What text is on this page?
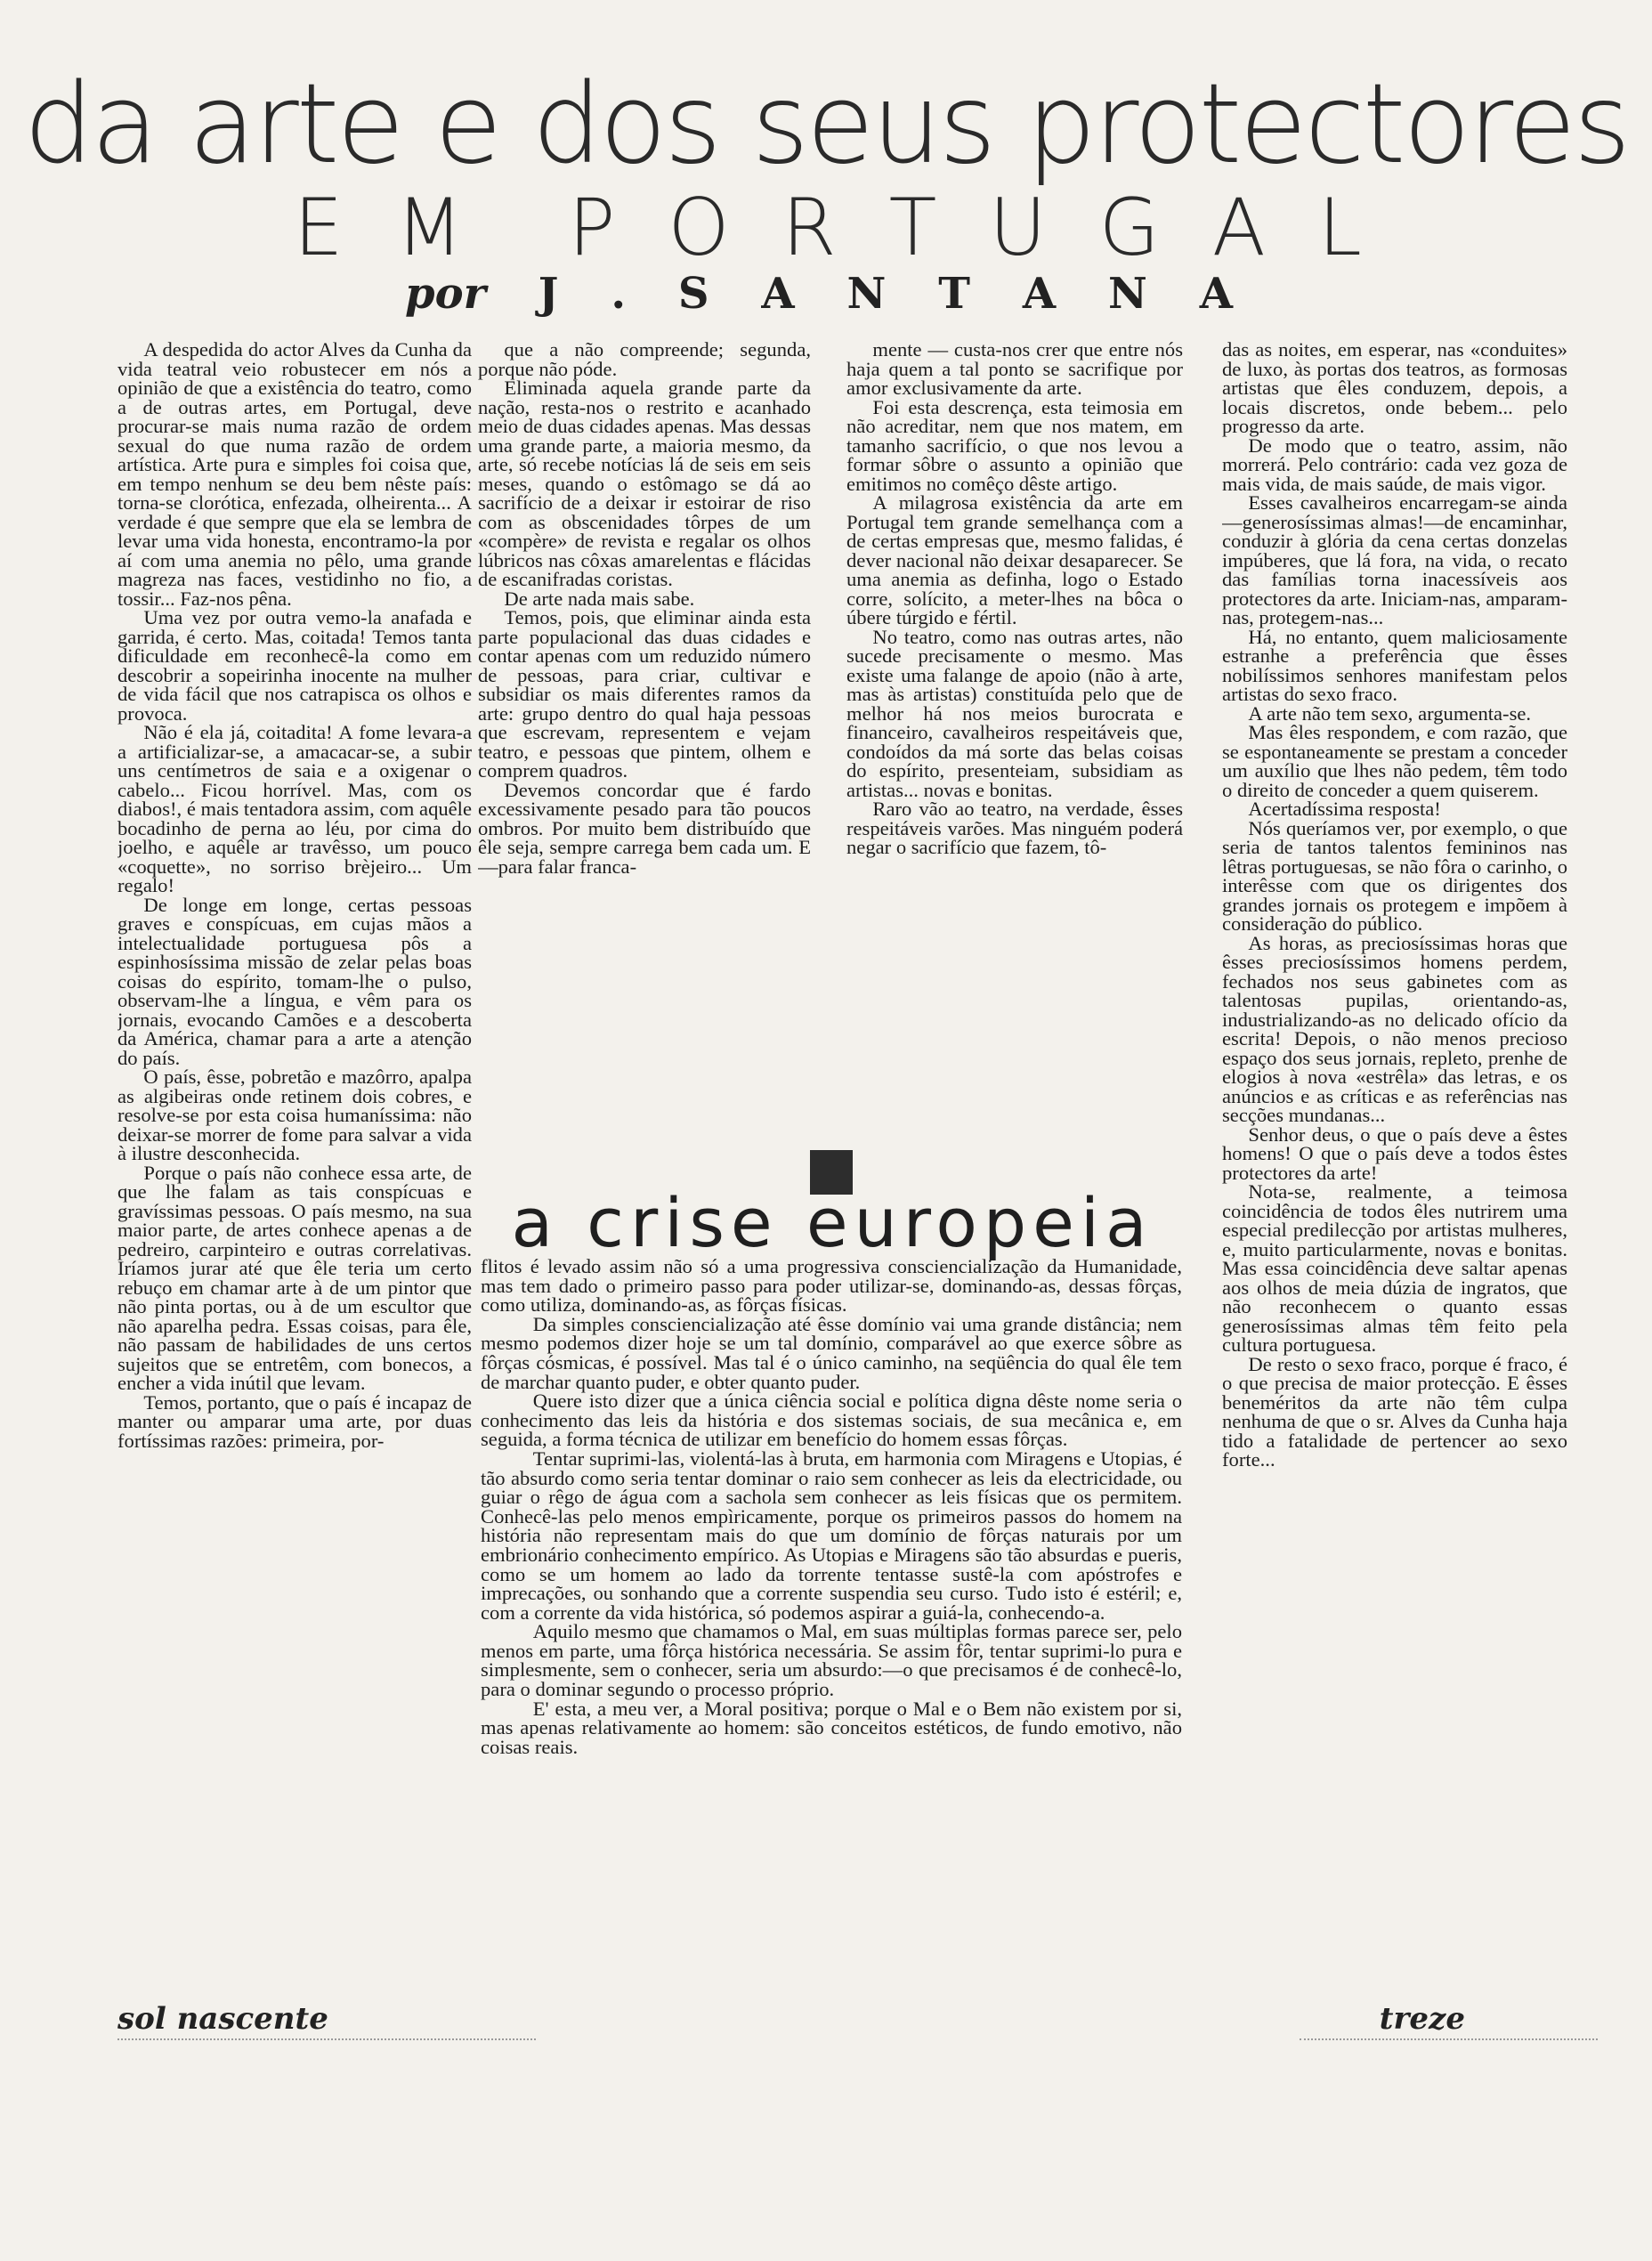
da arte e dos seus protectores
E M P O R T U G A L
por J . S A N T A N A

A despedida do actor Alves da Cunha da vida teatral veio robustecer em nós a opinião de que a existência do teatro, como a de outras artes, em Portugal, deve procurar-se mais numa razão de ordem sexual do que numa razão de ordem artística. Arte pura e simples foi coisa que, em tempo nenhum se deu bem nêste país: torna-se clorótica, enfezada, olheirenta... A verdade é que sempre que ela se lembra de levar uma vida honesta, encontramo-la por aí com uma anemia no pêlo, uma grande magreza nas faces, vestidinho no fio, a tossir... Faz-nos pêna.

Uma vez por outra vemo-la anafada e garrida, é certo. Mas, coitada! Temos tanta dificuldade em reconhecê-la como em descobrir a sopeirinha inocente na mulher de vida fácil que nos catrapisca os olhos e provoca.

Não é ela já, coitadita! A fome levara-a a artificializar-se, a amacacar-se, a subir uns centímetros de saia e a oxigenar o cabelo... Ficou horrível. Mas, com os diabos!, é mais tentadora assim, com aquêle bocadinho de perna ao léu, por cima do joelho, e aquêle ar travêsso, um pouco «coquette», no sorriso brèjeiro... Um regalo!

De longe em longe, certas pessoas graves e conspícuas, em cujas mãos a intelectualidade portuguesa pôs a espinhosíssima missão de zelar pelas boas coisas do espírito, tomam-lhe o pulso, observam-lhe a língua, e vêm para os jornais, evocando Camões e a descoberta da América, chamar para a arte a atenção do país.

O país, êsse, pobretão e mazôrro, apalpa as algibeiras onde retinem dois cobres, e resolve-se por esta coisa humaníssima: não deixar-se morrer de fome para salvar a vida à ilustre desconhecida.

Porque o país não conhece essa arte, de que lhe falam as tais conspícuas e gravíssimas pessoas. O país mesmo, na sua maior parte, de artes conhece apenas a de pedreiro, carpinteiro e outras correlativas. Iríamos jurar até que êle teria um certo rebuço em chamar arte à de um pintor que não pinta portas, ou à de um escultor que não aparelha pedra. Essas coisas, para êle, não passam de habilidades de uns certos sujeitos que se entretêm, com bonecos, a encher a vida inútil que levam.

Temos, portanto, que o país é incapaz de manter ou amparar uma arte, por duas fortíssimas razões: primeira, por-

que a não compreende; segunda, porque não póde.

Eliminada aquela grande parte da nação, resta-nos o restrito e acanhado meio de duas cidades apenas. Mas dessas uma grande parte, a maioria mesmo, da arte, só recebe notícias lá de seis em seis meses, quando o estômago se dá ao sacrifício de a deixar ir estoirar de riso com as obscenidades tôrpes de um «compère» de revista e regalar os olhos lúbricos nas côxas amarelentas e flácidas de escanifradas coristas.

De arte nada mais sabe.

Temos, pois, que eliminar ainda esta parte populacional das duas cidades e contar apenas com um reduzido número de pessoas, para criar, cultivar e subsidiar os mais diferentes ramos da arte: grupo dentro do qual haja pessoas que escrevam, representem e vejam teatro, e pessoas que pintem, olhem e comprem quadros.

Devemos concordar que é fardo excessivamente pesado para tão poucos ombros. Por muito bem distribuído que êle seja, sempre carrega bem cada um. E—para falar franca-

mente — custa-nos crer que entre nós haja quem a tal ponto se sacrifique por amor exclusivamente da arte.

Foi esta descrença, esta teimosia em não acreditar, nem que nos matem, em tamanho sacrifício, o que nos levou a formar sôbre o assunto a opinião que emitimos no comêço dêste artigo.

A milagrosa existência da arte em Portugal tem grande semelhança com a de certas empresas que, mesmo falidas, é dever nacional não deixar desaparecer. Se uma anemia as definha, logo o Estado corre, solícito, a meter-lhes na bôca o úbere túrgido e fértil.

No teatro, como nas outras artes, não sucede precisamente o mesmo. Mas existe uma falange de apoio (não à arte, mas às artistas) constituída pelo que de melhor há nos meios burocrata e financeiro, cavalheiros respeitáveis que, condoídos da má sorte das belas coisas do espírito, presenteiam, subsidiam as artistas... novas e bonitas.

Raro vão ao teatro, na verdade, êsses respeitáveis varões. Mas ninguém poderá negar o sacrifício que fazem, tô-

das as noites, em esperar, nas «conduites» de luxo, às portas dos teatros, as formosas artistas que êles conduzem, depois, a locais discretos, onde bebem... pelo progresso da arte.

De modo que o teatro, assim, não morrerá. Pelo contrário: cada vez goza de mais vida, de mais saúde, de mais vigor.

Esses cavalheiros encarregam-se ainda—generosíssimas almas!—de encaminhar, conduzir à glória da cena certas donzelas impúberes, que lá fora, na vida, o recato das famílias torna inacessíveis aos protectores da arte. Iniciam-nas, amparam-nas, protegem-nas...

Há, no entanto, quem maliciosamente estranhe a preferência que êsses nobilíssimos senhores manifestam pelos artistas do sexo fraco.

A arte não tem sexo, argumenta-se.

Mas êles respondem, e com razão, que se espontaneamente se prestam a conceder um auxílio que lhes não pedem, têm todo o direito de conceder a quem quiserem.

Acertadíssima resposta!

Nós queríamos ver, por exemplo, o que seria de tantos talentos femininos nas lêtras portuguesas, se não fôra o carinho, o interêsse com que os dirigentes dos grandes jornais os protegem e impõem à consideração do público.

As horas, as preciosíssimas horas que êsses preciosíssimos homens perdem, fechados nos seus gabinetes com as talentosas pupilas, orientando-as, industrializando-as no delicado ofício da escrita! Depois, o não menos precioso espaço dos seus jornais, repleto, prenhe de elogios à nova «estrêla» das letras, e os anúncios e as críticas e as referências nas secções mundanas...

Senhor deus, o que o país deve a êstes homens! O que o país deve a todos êstes protectores da arte!

Nota-se, realmente, a teimosa coincidência de todos êles nutrirem uma especial predilecção por artistas mulheres, e, muito particularmente, novas e bonitas. Mas essa coincidência deve saltar apenas aos olhos de meia dúzia de ingratos, que não reconhecem o quanto essas generosíssimas almas têm feito pela cultura portuguesa.

De resto o sexo fraco, porque é fraco, é o que precisa de maior protecção. E êsses beneméritos da arte não têm culpa nenhuma de que o sr. Alves da Cunha haja tido a fatalidade de pertencer ao sexo forte...

a crise europeia

flitos é levado assim não só a uma progressiva consciencialização da Humanidade, mas tem dado o primeiro passo para poder utilizar-se, dominando-as, dessas fôrças, como utiliza, dominando-as, as fôrças físicas.

Da simples consciencialização até êsse domínio vai uma grande distância; nem mesmo podemos dizer hoje se um tal domínio, comparável ao que exerce sôbre as fôrças cósmicas, é possível. Mas tal é o único caminho, na seqüência do qual êle tem de marchar quanto puder, e obter quanto puder.

Quere isto dizer que a única ciência social e política digna dêste nome seria o conhecimento das leis da história e dos sistemas sociais, de sua mecânica e, em seguida, a forma técnica de utilizar em benefício do homem essas fôrças.

Tentar suprimi-las, violentá-las à bruta, em harmonia com Miragens e Utopias, é tão absurdo como seria tentar dominar o raio sem conhecer as leis da electricidade, ou guiar o rêgo de água com a sachola sem conhecer as leis físicas que os permitem. Conhecê-las pelo menos empìricamente, porque os primeiros passos do homem na história não representam mais do que um domínio de fôrças naturais por um embrionário conhecimento empírico. As Utopias e Miragens são tão absurdas e pueris, como se um homem ao lado da torrente tentasse sustê-la com apóstrofes e imprecações, ou sonhando que a corrente suspendia seu curso. Tudo isto é estéril; e, com a corrente da vida histórica, só podemos aspirar a guiá-la, conhecendo-a.

Aquilo mesmo que chamamos o Mal, em suas múltiplas formas parece ser, pelo menos em parte, uma fôrça histórica necessária. Se assim fôr, tentar suprimi-lo pura e simplesmente, sem o conhecer, seria um absurdo:—o que precisamos é de conhecê-lo, para o dominar segundo o processo próprio.

E' esta, a meu ver, a Moral positiva; porque o Mal e o Bem não existem por si, mas apenas relativamente ao homem: são conceitos estéticos, de fundo emotivo, não coisas reais.

sol nascente	treze
